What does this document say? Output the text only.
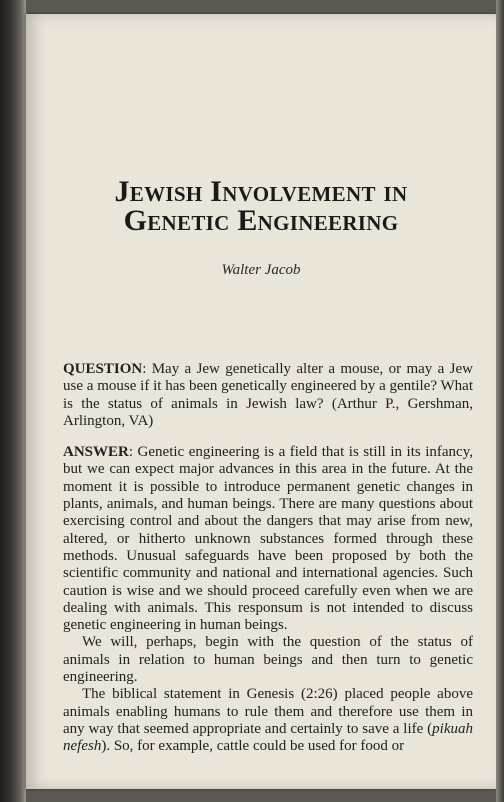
Jewish Involvement in
Genetic Engineering

Walter Jacob

QUESTION: May a Jew genetically alter a mouse, or may a Jew use a mouse if it has been genetically engineered by a gentile? What is the status of animals in Jewish law? (Arthur P., Gershman, Arlington, VA)

ANSWER: Genetic engineering is a field that is still in its infancy, but we can expect major advances in this area in the future. At the moment it is possible to introduce permanent genetic changes in plants, animals, and human beings. There are many questions about exercising control and about the dangers that may arise from new, altered, or hitherto unknown substances formed through these methods. Unusual safeguards have been proposed by both the scientific community and national and international agencies. Such caution is wise and we should proceed carefully even when we are dealing with animals. This responsum is not intended to discuss genetic engineering in human beings.

We will, perhaps, begin with the question of the status of animals in relation to human beings and then turn to genetic engineering.

The biblical statement in Genesis (2:26) placed people above animals enabling humans to rule them and therefore use them in any way that seemed appropriate and certainly to save a life (pikuah nefesh). So, for example, cattle could be used for food or
